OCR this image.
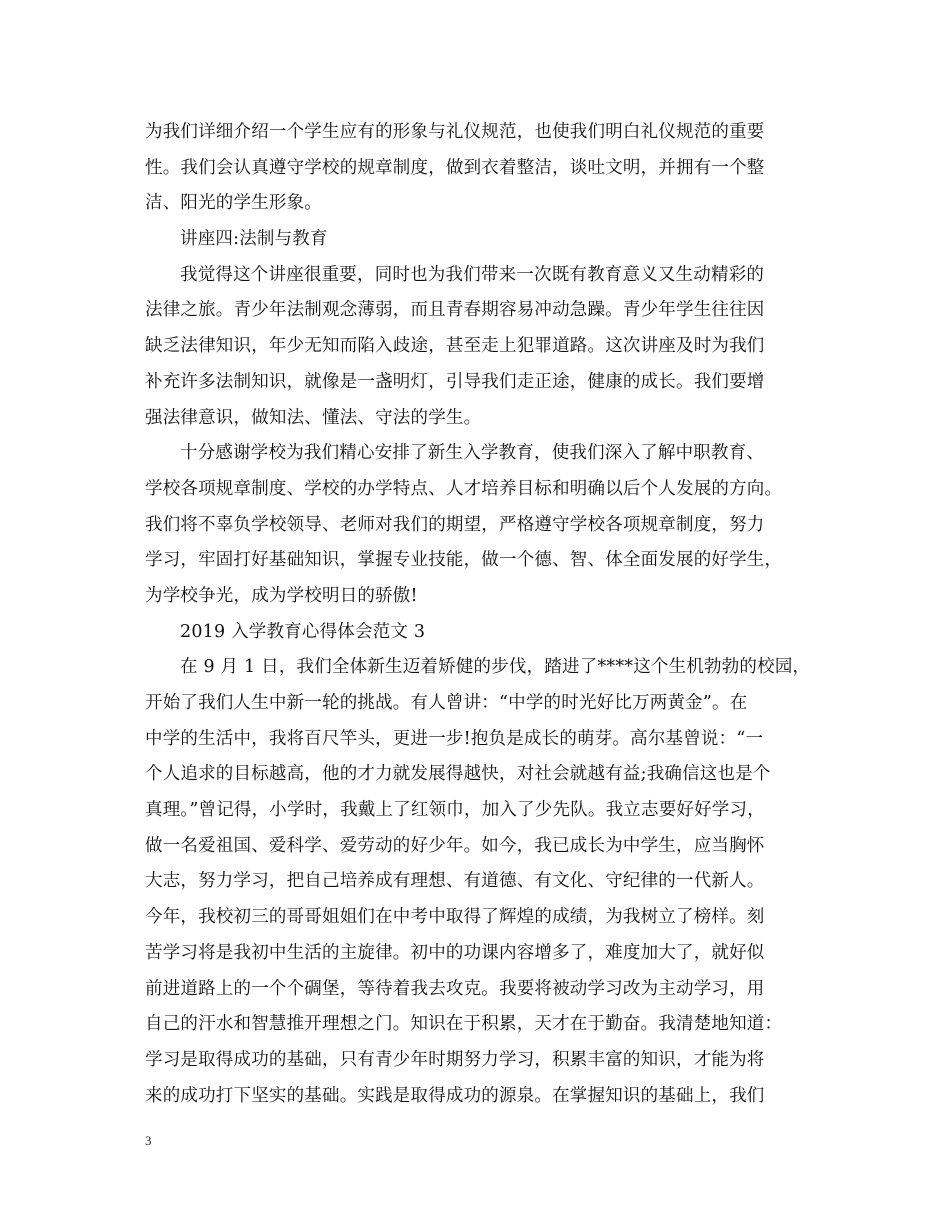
为我们详细介绍一个学生应有的形象与礼仪规范，也使我们明白礼仪规范的重要
性。我们会认真遵守学校的规章制度，做到衣着整洁，谈吐文明，并拥有一个整
洁、阳光的学生形象。
讲座四:法制与教育
我觉得这个讲座很重要，同时也为我们带来一次既有教育意义又生动精彩的
法律之旅。青少年法制观念薄弱，而且青春期容易冲动急躁。青少年学生往往因
缺乏法律知识，年少无知而陷入歧途，甚至走上犯罪道路。这次讲座及时为我们
补充许多法制知识，就像是一盏明灯，引导我们走正途，健康的成长。我们要增
强法律意识，做知法、懂法、守法的学生。
十分感谢学校为我们精心安排了新生入学教育，使我们深入了解中职教育、
学校各项规章制度、学校的办学特点、人才培养目标和明确以后个人发展的方向。
我们将不辜负学校领导、老师对我们的期望，严格遵守学校各项规章制度，努力
学习，牢固打好基础知识，掌握专业技能，做一个德、智、体全面发展的好学生，
为学校争光，成为学校明日的骄傲!
2019 入学教育心得体会范文 3
在 9 月 1 日，我们全体新生迈着矫健的步伐，踏进了****这个生机勃勃的校园，
开始了我们人生中新一轮的挑战。有人曾讲：“中学的时光好比万两黄金”。在
中学的生活中，我将百尺竿头，更进一步!抱负是成长的萌芽。高尔基曾说：“一
个人追求的目标越高，他的才力就发展得越快，对社会就越有益;我确信这也是个
真理。”曾记得，小学时，我戴上了红领巾，加入了少先队。我立志要好好学习，
做一名爱祖国、爱科学、爱劳动的好少年。如今，我已成长为中学生，应当胸怀
大志，努力学习，把自己培养成有理想、有道德、有文化、守纪律的一代新人。
今年，我校初三的哥哥姐姐们在中考中取得了辉煌的成绩，为我树立了榜样。刻
苦学习将是我初中生活的主旋律。初中的功课内容增多了，难度加大了，就好似
前进道路上的一个个碉堡，等待着我去攻克。我要将被动学习改为主动学习，用
自己的汗水和智慧推开理想之门。知识在于积累，天才在于勤奋。我清楚地知道：
学习是取得成功的基础，只有青少年时期努力学习，积累丰富的知识，才能为将
来的成功打下坚实的基础。实践是取得成功的源泉。在掌握知识的基础上，我们
3
